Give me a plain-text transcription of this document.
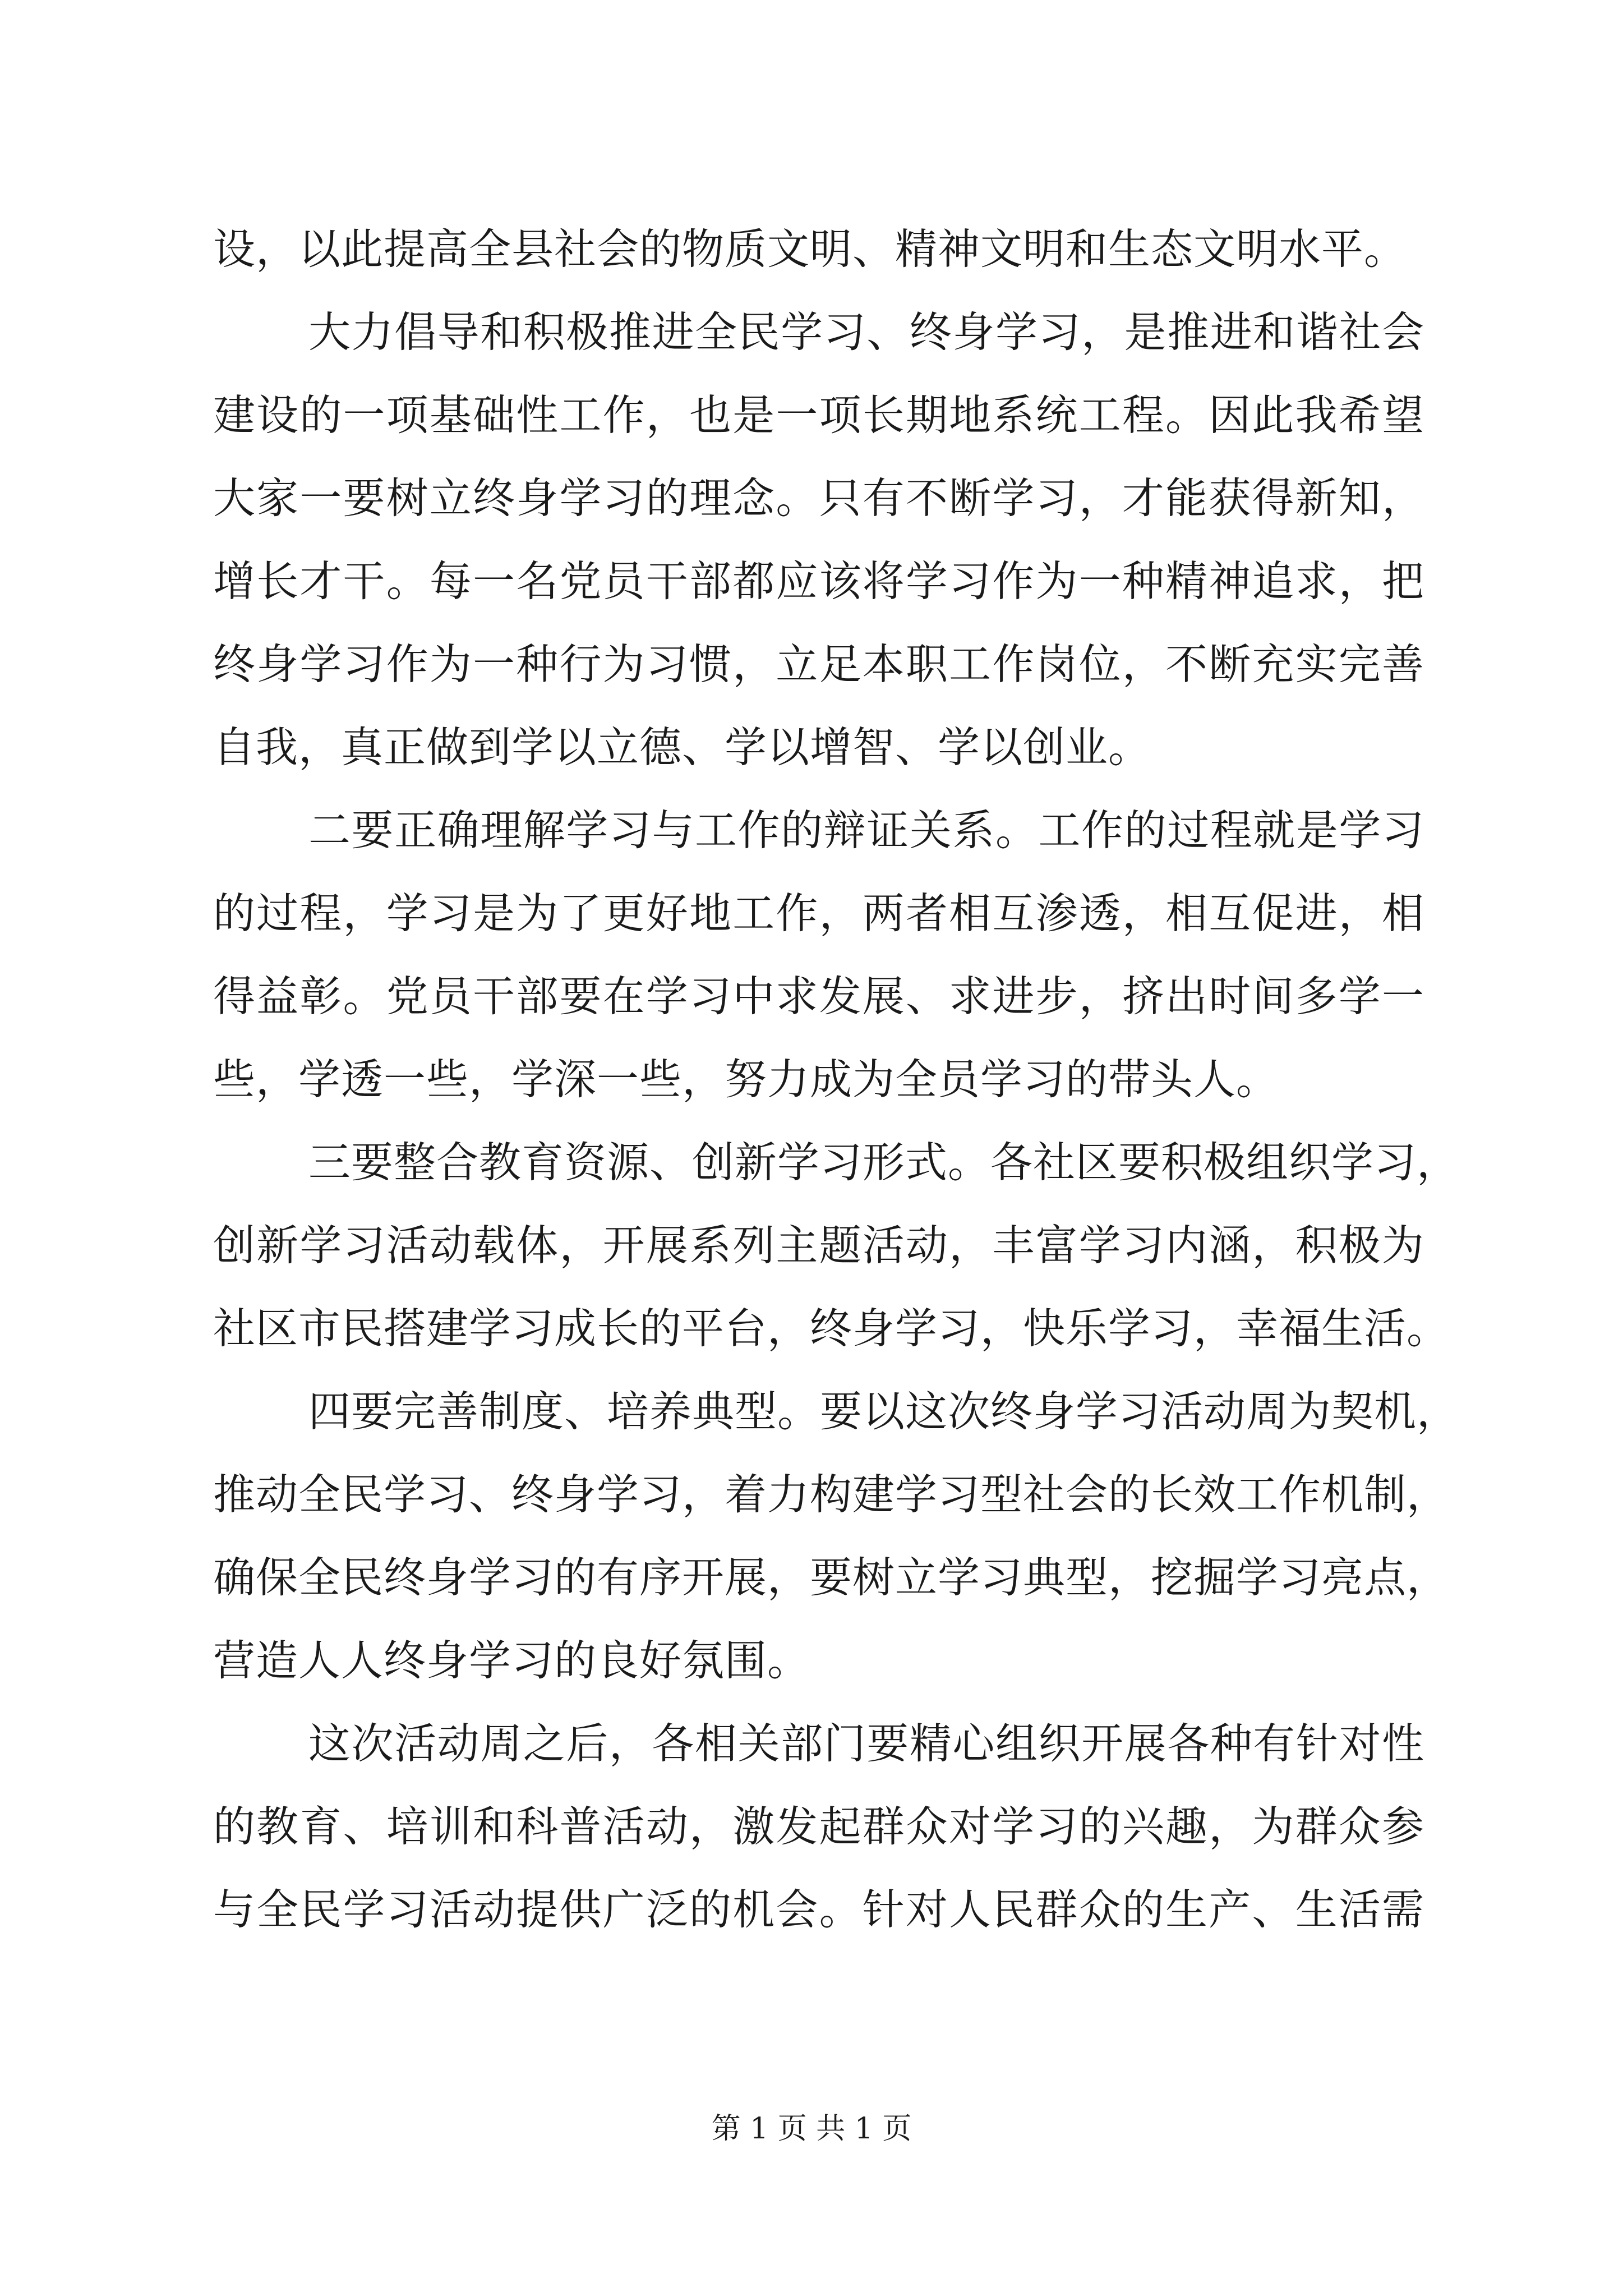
设，以此提高全县社会的物质文明、精神文明和生态文明水平。
大力倡导和积极推进全民学习、终身学习，是推进和谐社会
建设的一项基础性工作，也是一项长期地系统工程。因此我希望
大家一要树立终身学习的理念。只有不断学习，才能获得新知，
增长才干。每一名党员干部都应该将学习作为一种精神追求，把
终身学习作为一种行为习惯，立足本职工作岗位，不断充实完善
自我，真正做到学以立德、学以增智、学以创业。
二要正确理解学习与工作的辩证关系。工作的过程就是学习
的过程，学习是为了更好地工作，两者相互渗透，相互促进，相
得益彰。党员干部要在学习中求发展、求进步，挤出时间多学一
些，学透一些，学深一些，努力成为全员学习的带头人。
三要整合教育资源、创新学习形式。各社区要积极组织学习，
创新学习活动载体，开展系列主题活动，丰富学习内涵，积极为
社区市民搭建学习成长的平台，终身学习，快乐学习，幸福生活。
四要完善制度、培养典型。要以这次终身学习活动周为契机，
推动全民学习、终身学习，着力构建学习型社会的长效工作机制，
确保全民终身学习的有序开展，要树立学习典型，挖掘学习亮点，
营造人人终身学习的良好氛围。
这次活动周之后，各相关部门要精心组织开展各种有针对性
的教育、培训和科普活动，激发起群众对学习的兴趣，为群众参
与全民学习活动提供广泛的机会。针对人民群众的生产、生活需
第 1 页 共 1 页
